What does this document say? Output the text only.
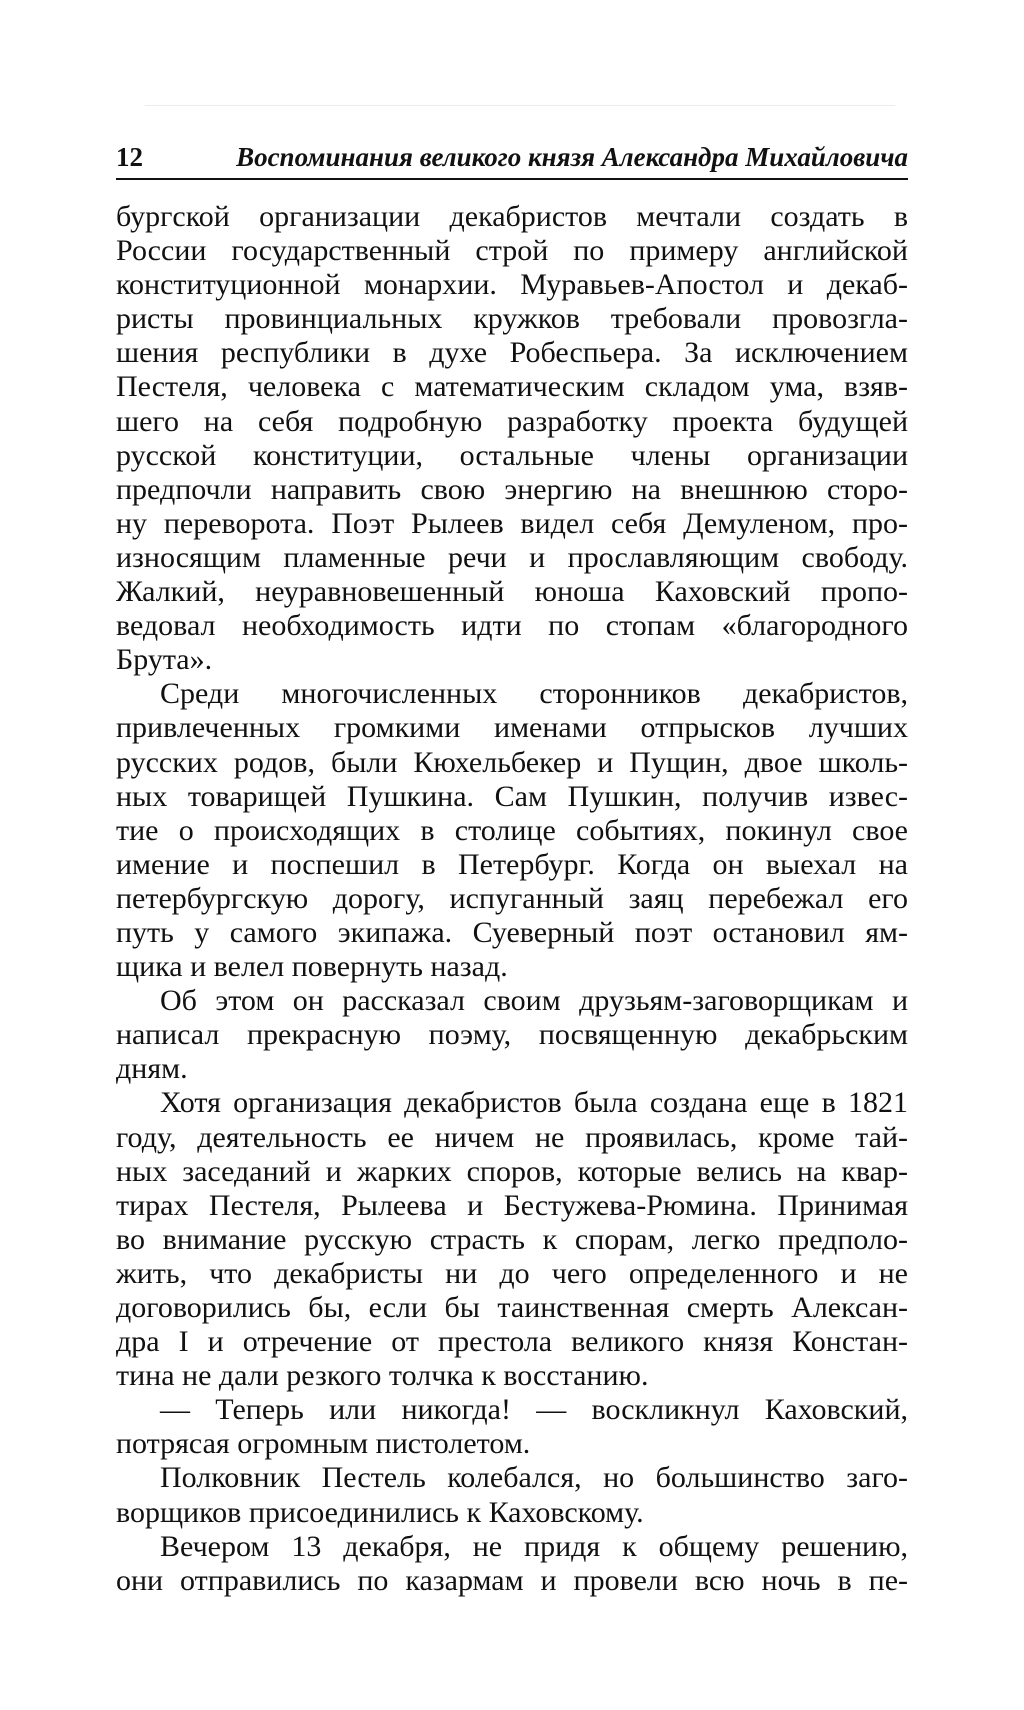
12	Воспоминания великого князя Александра Михайловича
бургской организации декабристов мечтали создать в
России государственный строй по примеру английской
конституционной монархии. Муравьев-Апостол и декаб-
ристы провинциальных кружков требовали провозгла-
шения республики в духе Робеспьера. За исключением
Пестеля, человека с математическим складом ума, взяв-
шего на себя подробную разработку проекта будущей
русской конституции, остальные члены организации
предпочли направить свою энергию на внешнюю сторо-
ну переворота. Поэт Рылеев видел себя Демуленом, про-
износящим пламенные речи и прославляющим свободу.
Жалкий, неуравновешенный юноша Каховский пропо-
ведовал необходимость идти по стопам «благородного
Брута».
Среди многочисленных сторонников декабристов,
привлеченных громкими именами отпрысков лучших
русских родов, были Кюхельбекер и Пущин, двое школь-
ных товарищей Пушкина. Сам Пушкин, получив извес-
тие о происходящих в столице событиях, покинул свое
имение и поспешил в Петербург. Когда он выехал на
петербургскую дорогу, испуганный заяц перебежал его
путь у самого экипажа. Суеверный поэт остановил ям-
щика и велел повернуть назад.
Об этом он рассказал своим друзьям-заговорщикам и
написал прекрасную поэму, посвященную декабрьским
дням.
Хотя организация декабристов была создана еще в 1821
году, деятельность ее ничем не проявилась, кроме тай-
ных заседаний и жарких споров, которые велись на квар-
тирах Пестеля, Рылеева и Бестужева-Рюмина. Принимая
во внимание русскую страсть к спорам, легко предполо-
жить, что декабристы ни до чего определенного и не
договорились бы, если бы таинственная смерть Алексан-
дра I и отречение от престола великого князя Констан-
тина не дали резкого толчка к восстанию.
— Теперь или никогда! — воскликнул Каховский,
потрясая огромным пистолетом.
Полковник Пестель колебался, но большинство заго-
ворщиков присоединились к Каховскому.
Вечером 13 декабря, не придя к общему решению,
они отправились по казармам и провели всю ночь в пе-
